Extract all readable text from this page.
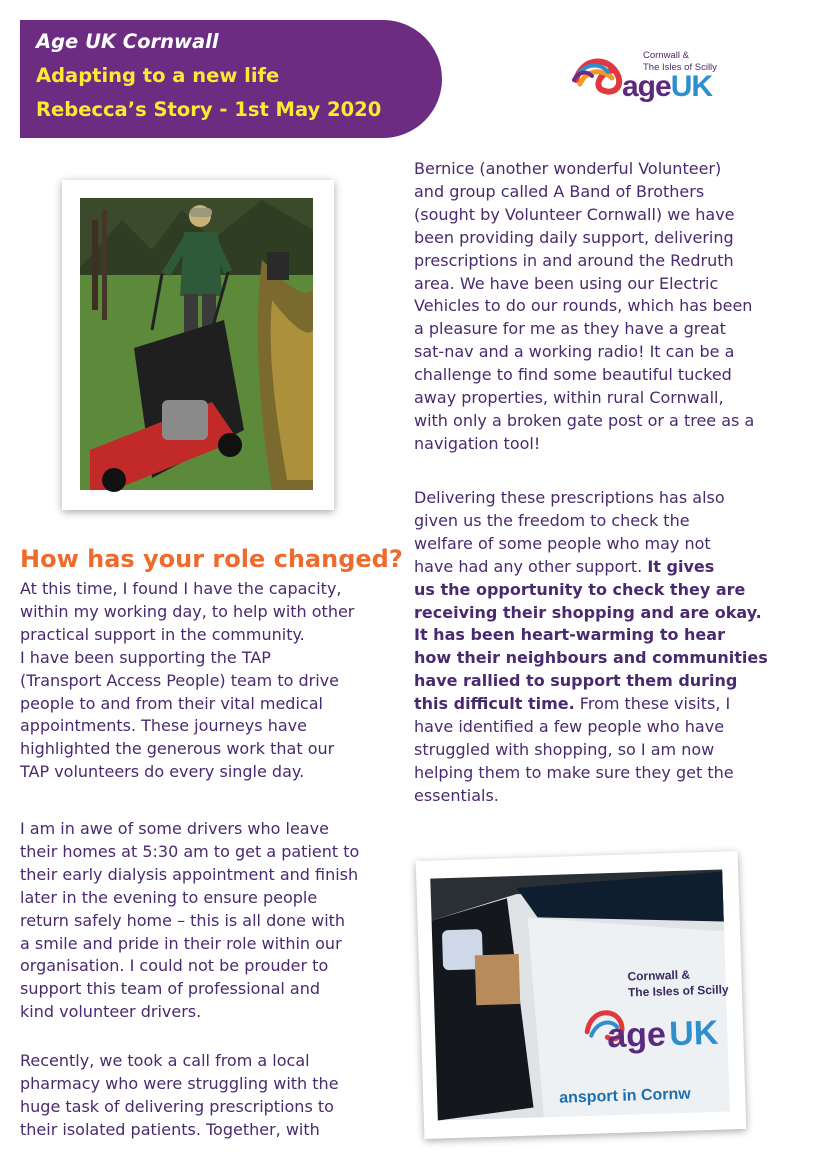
Age UK Cornwall
Adapting to a new life
Rebecca’s Story - 1st May 2020
Cornwall &
The Isles of Scilly
ageUK
Cornwall & The Isles of Scilly
age UK
ansport in Cornw
How has your role changed?
At this time, I found I have the capacity,
within my working day, to help with other
practical support in the community.
I have been supporting the TAP
(Transport Access People) team to drive
people to and from their vital medical
appointments. These journeys have
highlighted the generous work that our
TAP volunteers do every single day.
I am in awe of some drivers who leave
their homes at 5:30 am to get a patient to
their early dialysis appointment and finish
later in the evening to ensure people
return safely home – this is all done with
a smile and pride in their role within our
organisation. I could not be prouder to
support this team of professional and
kind volunteer drivers.
Recently, we took a call from a local
pharmacy who were struggling with the
huge task of delivering prescriptions to
their isolated patients. Together, with
Bernice (another wonderful Volunteer)
and group called A Band of Brothers
(sought by Volunteer Cornwall) we have
been providing daily support, delivering
prescriptions in and around the Redruth
area. We have been using our Electric
Vehicles to do our rounds, which has been
a pleasure for me as they have a great
sat-nav and a working radio! It can be a
challenge to find some beautiful tucked
away properties, within rural Cornwall,
with only a broken gate post or a tree as a
navigation tool!
Delivering these prescriptions has also
given us the freedom to check the
welfare of some people who may not
have had any other support. It gives
us the opportunity to check they are
receiving their shopping and are okay.
It has been heart-warming to hear
how their neighbours and communities
have rallied to support them during
this difficult time. From these visits, I
have identified a few people who have
struggled with shopping, so I am now
helping them to make sure they get the
essentials.
